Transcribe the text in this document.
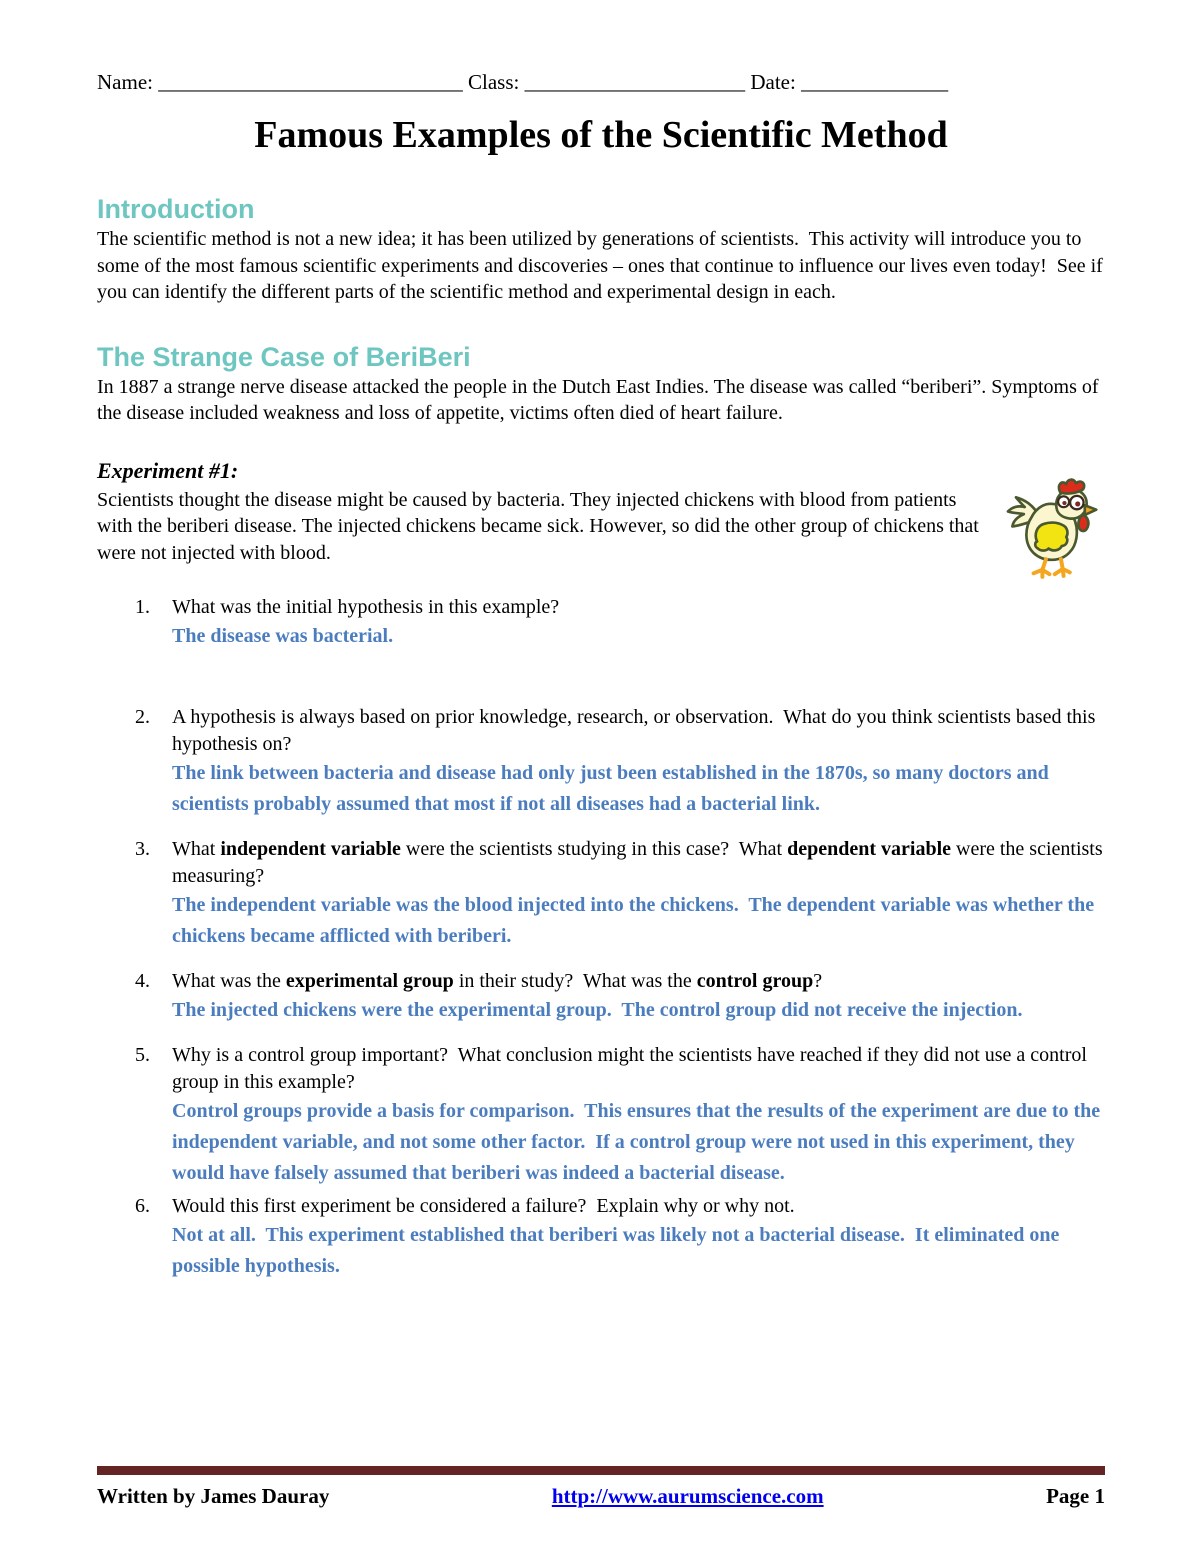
Name: _____________________________ Class: _____________________ Date: ______________

Famous Examples of the Scientific Method
Introduction

The scientific method is not a new idea; it has been utilized by generations of scientists.  This activity will introduce you to some of the most famous scientific experiments and discoveries – ones that continue to influence our lives even today!  See if you can identify the different parts of the scientific method and experimental design in each.

The Strange Case of BeriBeri

In 1887 a strange nerve disease attacked the people in the Dutch East Indies. The disease was called “beriberi”. Symptoms of the disease included weakness and loss of appetite, victims often died of heart failure.

Experiment #1:

Scientists thought the disease might be caused by bacteria. They injected chickens with blood from patients with the beriberi disease. The injected chickens became sick. However, so did the other group of chickens that were not injected with blood.

1.	What was the initial hypothesis in this example?

The disease was bacterial.

2.	A hypothesis is always based on prior knowledge, research, or observation.  What do you think scientists based this hypothesis on?

The link between bacteria and disease had only just been established in the 1870s, so many doctors and scientists probably assumed that most if not all diseases had a bacterial link.

3.	What independent variable were the scientists studying in this case?  What dependent variable were the scientists measuring?

The independent variable was the blood injected into the chickens.  The dependent variable was whether the chickens became afflicted with beriberi.

4.	What was the experimental group in their study?  What was the control group?

The injected chickens were the experimental group.  The control group did not receive the injection.

5.	Why is a control group important?  What conclusion might the scientists have reached if they did not use a control group in this example?

Control groups provide a basis for comparison.  This ensures that the results of the experiment are due to the independent variable, and not some other factor.  If a control group were not used in this experiment, they would have falsely assumed that beriberi was indeed a bacterial disease.

6.	Would this first experiment be considered a failure?  Explain why or why not.

Not at all.  This experiment established that beriberi was likely not a bacterial disease.  It eliminated one possible hypothesis.

Written by James Dauray	http://www.aurumscience.com	Page 1
